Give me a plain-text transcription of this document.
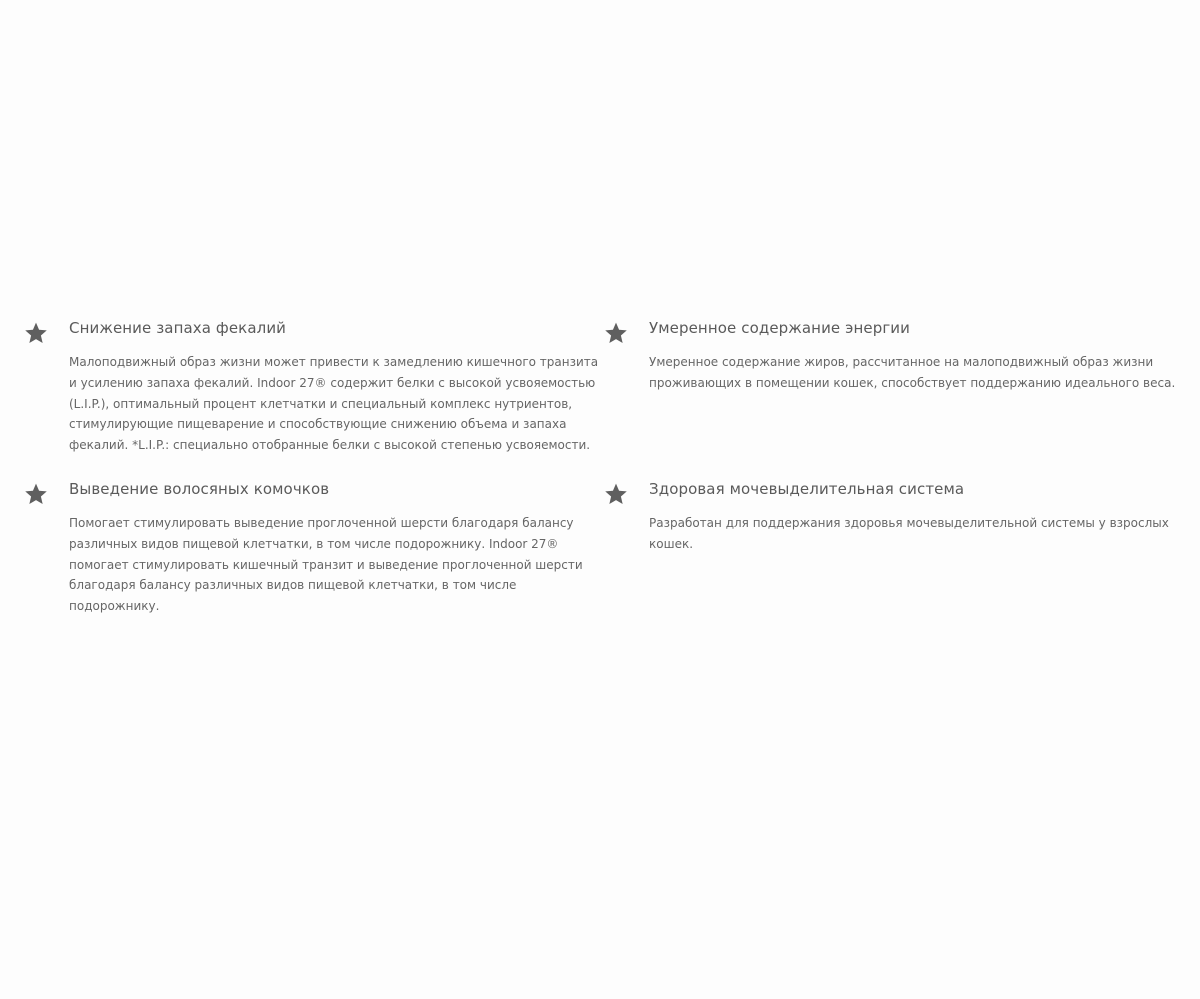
Снижение запаха фекалий

Малоподвижный образ жизни может привести к замедлению кишечного транзита и усилению запаха фекалий. Indoor 27® содержит белки с высокой усвояемостью (L.I.P.), оптимальный процент клетчатки и специальный комплекс нутриентов, стимулирующие пищеварение и способствующие снижению объема и запаха фекалий. *L.I.P.: специально отобранные белки с высокой степенью усвояемости.

Умеренное содержание энергии

Умеренное содержание жиров, рассчитанное на малоподвижный образ жизни проживающих в помещении кошек, способствует поддержанию идеального веса.

Выведение волосяных комочков

Помогает стимулировать выведение проглоченной шерсти благодаря балансу различных видов пищевой клетчатки, в том числе подорожнику. Indoor 27® помогает стимулировать кишечный транзит и выведение проглоченной шерсти благодаря балансу различных видов пищевой клетчатки, в том числе подорожнику.

Здоровая мочевыделительная система

Разработан для поддержания здоровья мочевыделительной системы у взрослых кошек.
